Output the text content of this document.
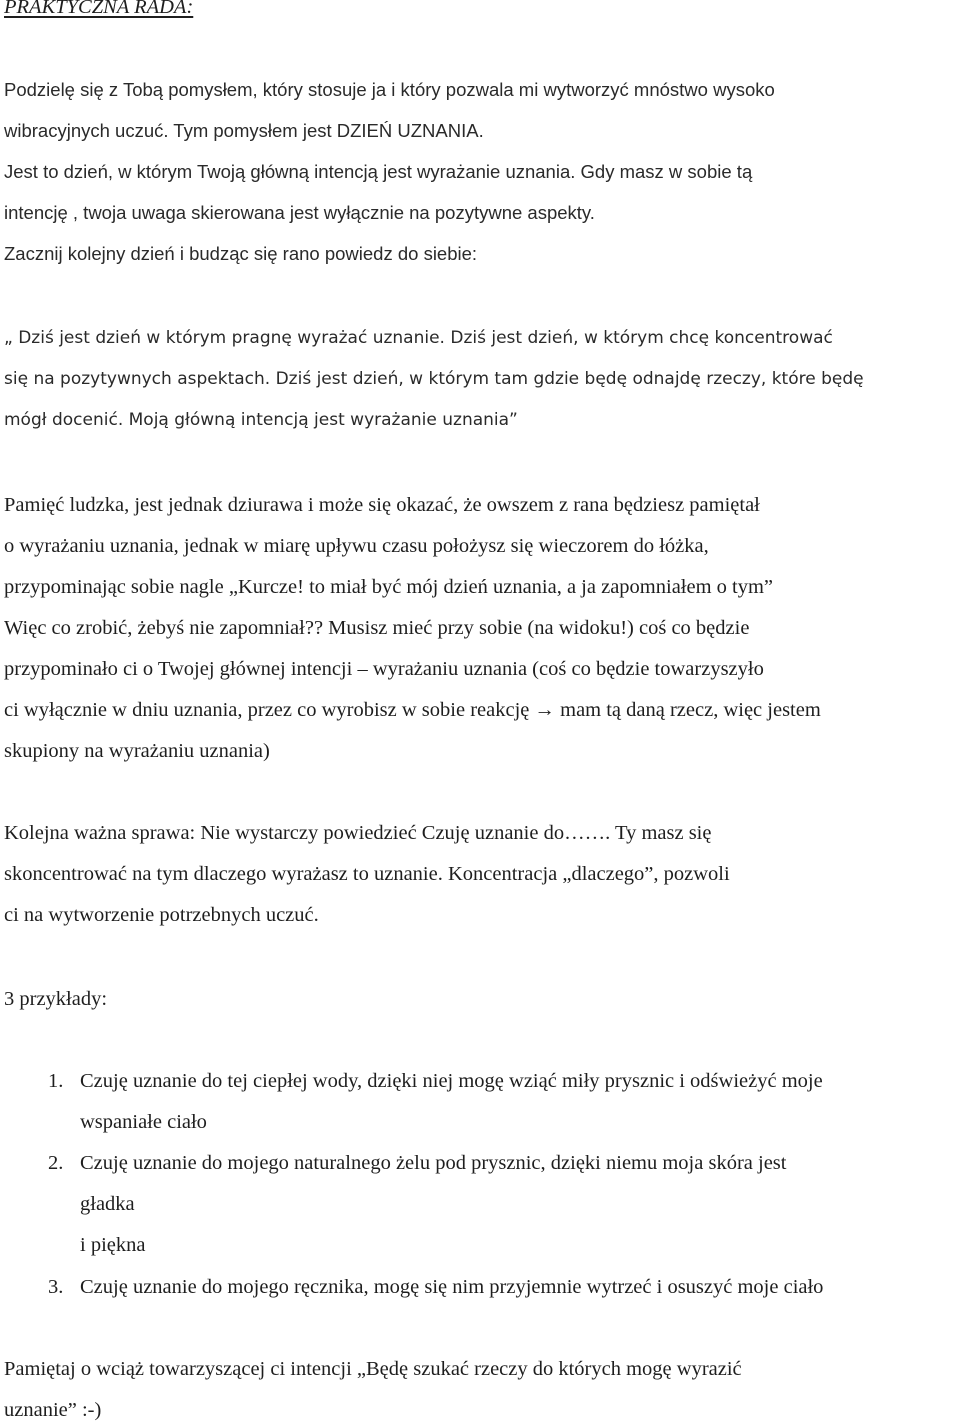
PRAKTYCZNA RADA:
Podzielę się z Tobą pomysłem, który stosuje ja i który pozwala mi wytworzyć mnóstwo wysoko
wibracyjnych uczuć. Tym pomysłem jest DZIEŃ UZNANIA.
Jest to dzień, w którym Twoją główną intencją jest wyrażanie uznania. Gdy masz w sobie tą
intencję , twoja uwaga skierowana jest wyłącznie na pozytywne aspekty.
Zacznij kolejny dzień i budząc się rano powiedz do siebie:
„ Dziś jest dzień w którym pragnę wyrażać uznanie. Dziś jest dzień, w którym chcę koncentrować
się na pozytywnych aspektach. Dziś jest dzień, w którym tam gdzie będę odnajdę rzeczy, które będę
mógł docenić. Moją główną intencją jest wyrażanie uznania”
Pamięć ludzka, jest jednak dziurawa i może się okazać, że owszem z rana będziesz pamiętał
o wyrażaniu uznania, jednak w miarę upływu czasu położysz się wieczorem do łóżka,
przypominając sobie nagle „Kurcze! to miał być mój dzień uznania, a ja zapomniałem o tym”
Więc co zrobić, żebyś nie zapomniał?? Musisz mieć przy sobie (na widoku!) coś co będzie
przypominało ci o Twojej głównej intencji – wyrażaniu uznania (coś co będzie towarzyszyło
ci wyłącznie w dniu uznania, przez co wyrobisz w sobie reakcję → mam tą daną rzecz, więc jestem
skupiony na wyrażaniu uznania)
Kolejna ważna sprawa: Nie wystarczy powiedzieć Czuję uznanie do……. Ty masz się
skoncentrować na tym dlaczego wyrażasz to uznanie. Koncentracja „dlaczego”, pozwoli
ci na wytworzenie potrzebnych uczuć.
3 przykłady:
1. Czuję uznanie do tej ciepłej wody, dzięki niej mogę wziąć miły prysznic i odświeżyć moje
wspaniałe ciało
2. Czuję uznanie do mojego naturalnego żelu pod prysznic, dzięki niemu moja skóra jest
gładka
i piękna
3. Czuję uznanie do mojego ręcznika, mogę się nim przyjemnie wytrzeć i osuszyć moje ciało
Pamiętaj o wciąż towarzyszącej ci intencji „Będę szukać rzeczy do których mogę wyrazić
uznanie” :-)
